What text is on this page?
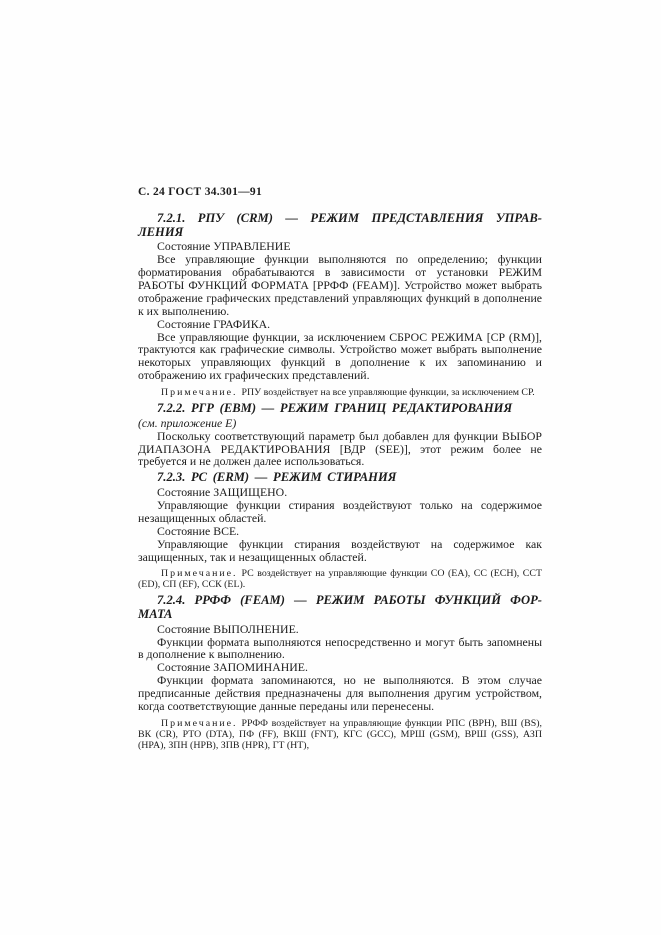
С. 24 ГОСТ 34.301—91
7.2.1. РПУ (CRM) — РЕЖИМ ПРЕДСТАВЛЕНИЯ УПРАВ-ЛЕНИЯ
Состояние УПРАВЛЕНИЕ
Все управляющие функции выполняются по определению; функции форматирования обрабатываются в зависимости от установки РЕЖИМ РАБОТЫ ФУНКЦИЙ ФОРМАТА [РРФФ (FEAM)]. Устройство может выбрать отображение графических представлений управляющих функций в дополнение к их выполнению.
Состояние ГРАФИКА.
Все управляющие функции, за исключением СБРОС РЕЖИМА [СР (RM)], трактуются как графические символы. Устройство может выбрать выполнение некоторых управляющих функций в дополнение к их запоминанию и отображению их графических представлений.
Примечание. РПУ воздействует на все управляющие функции, за исключением СР.
7.2.2. РГР (EBM) — РЕЖИМ ГРАНИЦ РЕДАКТИРОВАНИЯ
(см. приложение Е)
Поскольку соответствующий параметр был добавлен для функции ВЫБОР ДИАПАЗОНА РЕДАКТИРОВАНИЯ [ВДР (SEE)], этот режим более не требуется и не должен далее использоваться.
7.2.3. РС (ERM) — РЕЖИМ СТИРАНИЯ
Состояние ЗАЩИЩЕНО.
Управляющие функции стирания воздействуют только на содержимое незащищенных областей.
Состояние ВСЕ.
Управляющие функции стирания воздействуют на содержимое как защищенных, так и незащищенных областей.
Примечание. РС воздействует на управляющие функции СО (EA), СС (ECH), ССТ (ED), СП (EF), ССК (EL).
7.2.4. РРФФ (FEAM) — РЕЖИМ РАБОТЫ ФУНКЦИЙ ФОР-МАТА
Состояние ВЫПОЛНЕНИЕ.
Функции формата выполняются непосредственно и могут быть запомнены в дополнение к выполнению.
Состояние ЗАПОМИНАНИЕ.
Функции формата запоминаются, но не выполняются. В этом случае предписанные действия предназначены для выполнения другим устройством, когда соответствующие данные переданы или перенесены.
Примечание. РРФФ воздействует на управляющие функции РПС (BPH), ВШ (BS), ВК (CR), РТО (DTA), ПФ (FF), ВКШ (FNT), КГС (GCC), МРШ (GSM), ВРШ (GSS), АЗП (HPA), ЗПН (HPB), ЗПВ (HPR), ГТ (HT),
